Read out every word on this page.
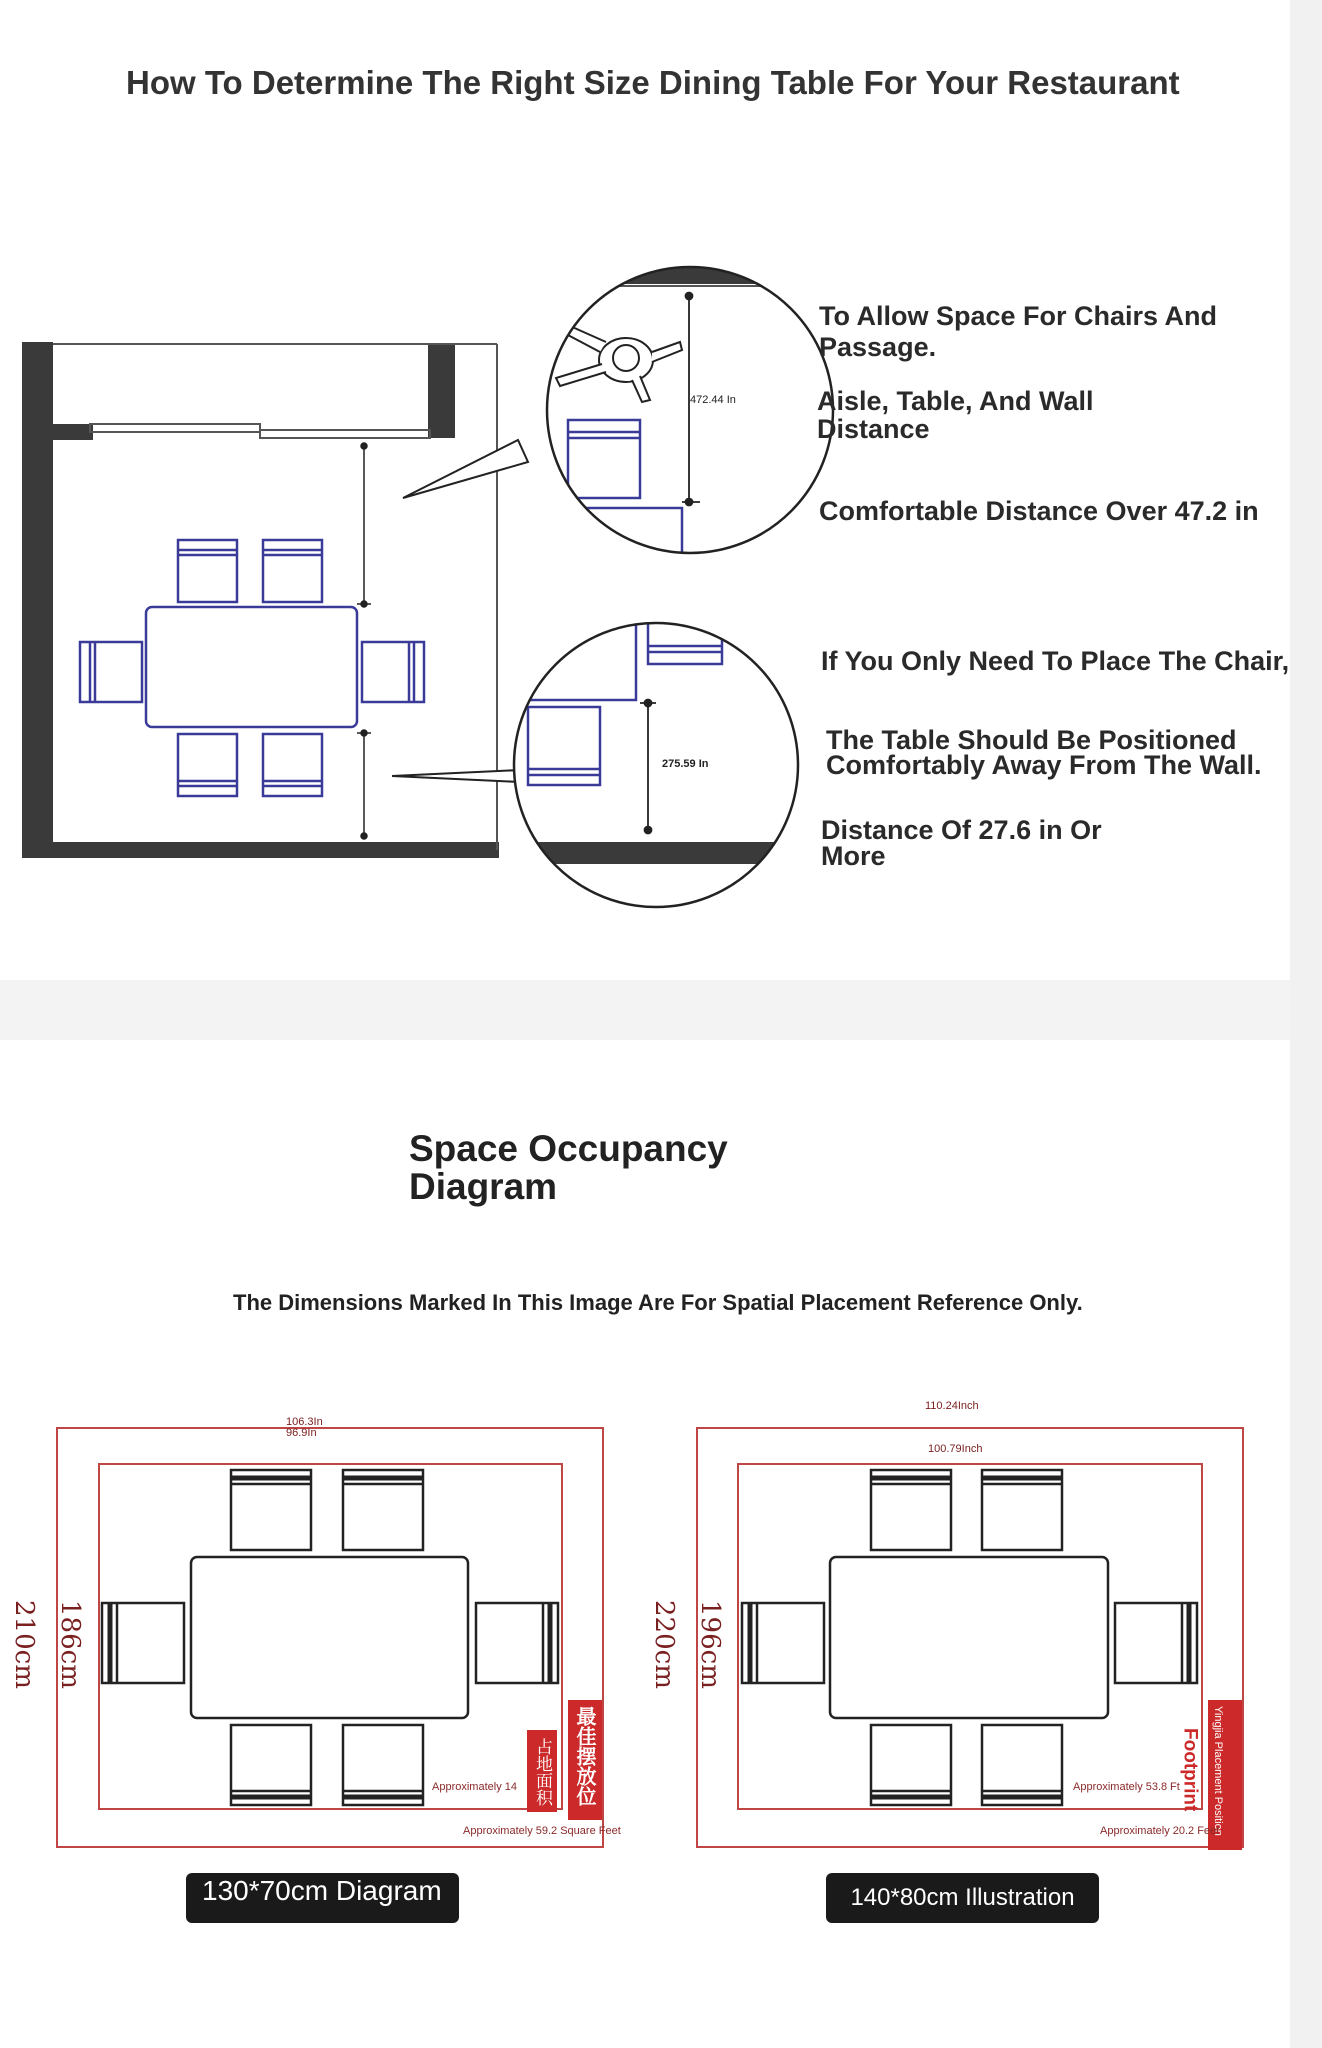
How To Determine The Right Size Dining Table For Your Restaurant
472.44 In
275.59 In
To Allow Space For Chairs And Passage.
Aisle, Table, And Wall Distance
Comfortable Distance Over 47.2 in
If You Only Need To Place The Chair,
The Table Should Be Positioned Comfortably Away From The Wall.
Distance Of 27.6 in Or More
Space Occupancy Diagram
The Dimensions Marked In This Image Are For Spatial Placement Reference Only.
占地面积 最佳摆放位
106.3In
96.9In
210cm 186cm
Approximately 14
Approximately 59.2 Square Feet	Yingjia Placement Position
Footprint
110.24Inch
100.79Inch
220cm 196cm
Approximately 53.8 Ft
Approximately 20.2 Feet
130*70cm Diagram	140*80cm Illustration
